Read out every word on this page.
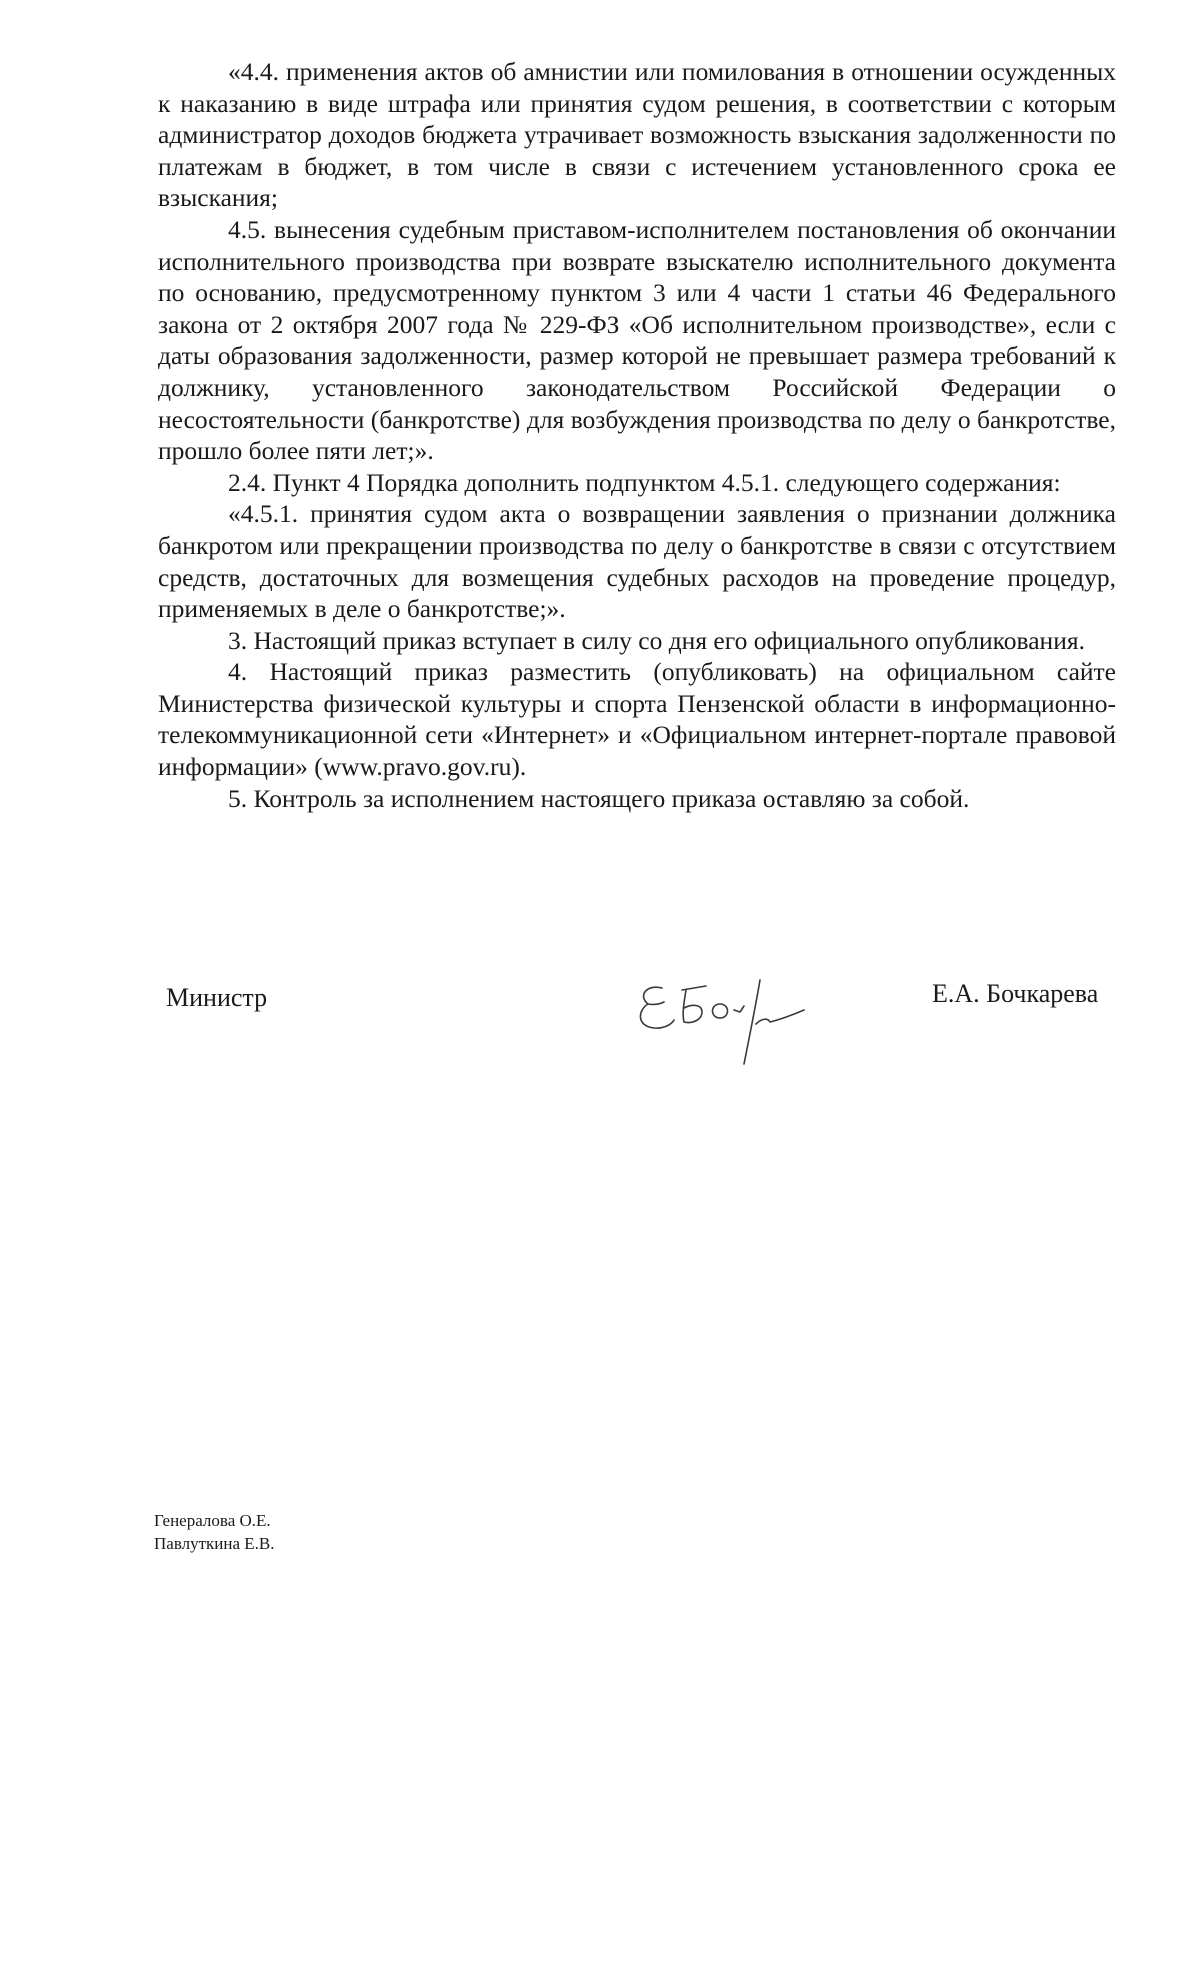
«4.4. применения актов об амнистии или помилования в отношении осужденных к наказанию в виде штрафа или принятия судом решения, в соответствии с которым администратор доходов бюджета утрачивает возможность взыскания задолженности по платежам в бюджет, в том числе в связи с истечением установленного срока ее взыскания;

4.5. вынесения судебным приставом-исполнителем постановления об окончании исполнительного производства при возврате взыскателю исполнительного документа по основанию, предусмотренному пунктом 3 или 4 части 1 статьи 46 Федерального закона от 2 октября 2007 года № 229-ФЗ «Об исполнительном производстве», если с даты образования задолженности, размер которой не превышает размера требований к должнику, установленного законодательством Российской Федерации о несостоятельности (банкротстве) для возбуждения производства по делу о банкротстве, прошло более пяти лет;».

2.4. Пункт 4 Порядка дополнить подпунктом 4.5.1. следующего содержания:

«4.5.1. принятия судом акта о возвращении заявления о признании должника банкротом или прекращении производства по делу о банкротстве в связи с отсутствием средств, достаточных для возмещения судебных расходов на проведение процедур, применяемых в деле о банкротстве;».

3. Настоящий приказ вступает в силу со дня его официального опубликования.

4. Настоящий приказ разместить (опубликовать) на официальном сайте Министерства физической культуры и спорта Пензенской области в информационно-телекоммуникационной сети «Интернет» и «Официальном интернет-портале правовой информации» (www.pravo.gov.ru).

5. Контроль за исполнением настоящего приказа оставляю за собой.

Министр	Е.А. Бочкарева
Генералова О.Е.
Павлуткина Е.В.
